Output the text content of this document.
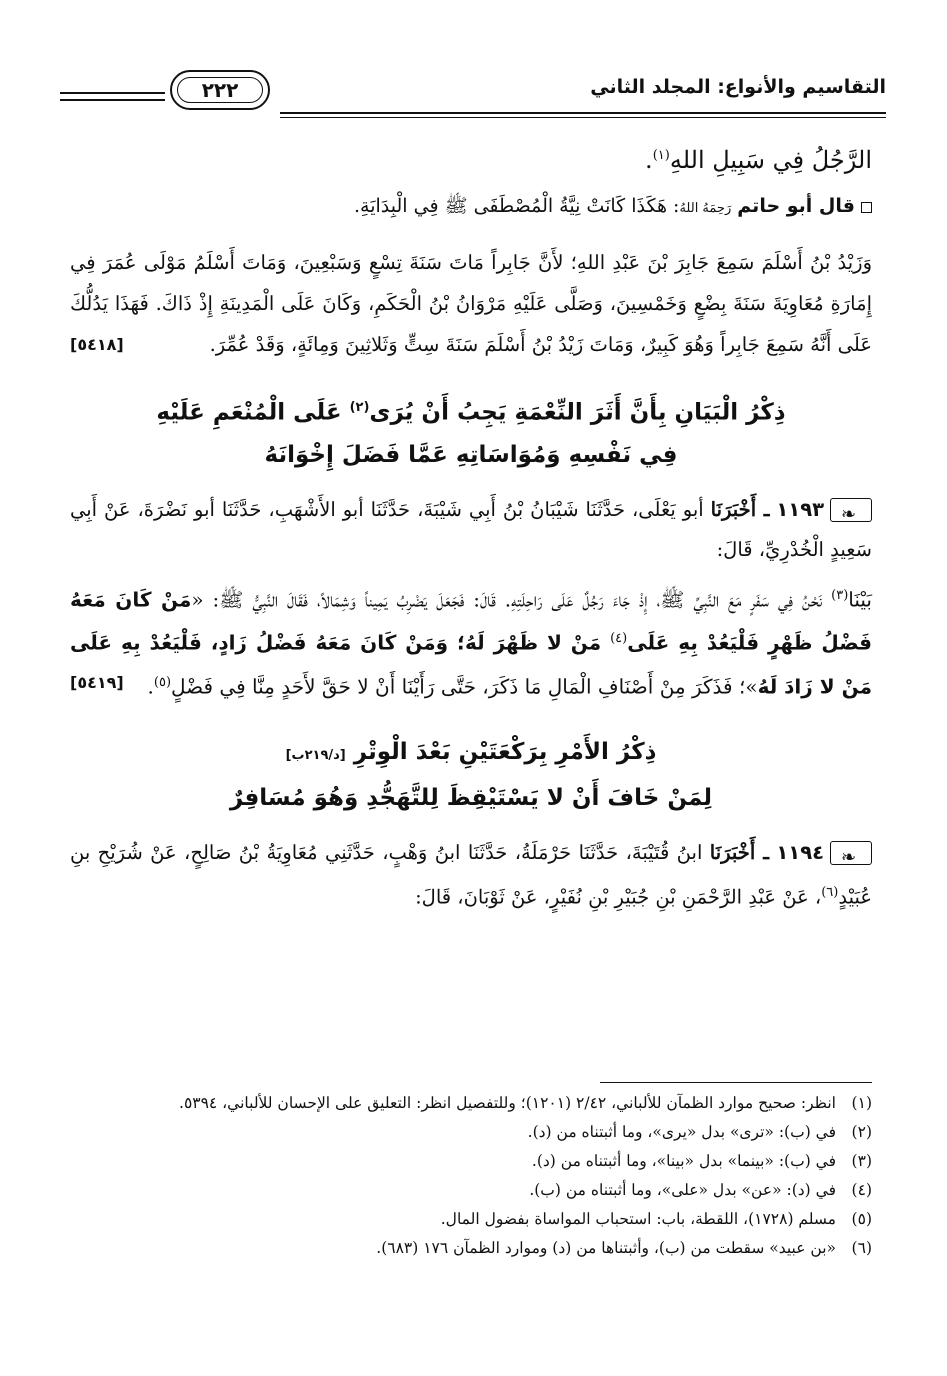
التقاسيم والأنواع: المجلد الثاني
٢٢٢

الرَّجُلُ فِي سَبِيلِ اللهِ$^{(١)}$.

قال أبو حاتم رَحِمَهُ اللهُ: هَكَذَا كَانَتْ نِيَّةُ الْمُصْطَفَى ﷺ فِي الْبِدَايَةِ.

وَزَيْدُ بْنُ أَسْلَمَ سَمِعَ جَابِرَ بْنَ عَبْدِ اللهِ؛ لأَنَّ جَابِراً مَاتَ سَنَةَ تِسْعٍ وَسَبْعِينَ، وَمَاتَ أَسْلَمُ مَوْلَى عُمَرَ فِي إِمَارَةِ مُعَاوِيَةَ سَنَةَ بِضْعٍ وَخَمْسِينَ، وَصَلَّى عَلَيْهِ مَرْوَانُ بْنُ الْحَكَمِ، وَكَانَ عَلَى الْمَدِينَةِ إِذْ ذَاكَ. فَهَذَا يَدُلُّكَ عَلَى أَنَّهُ سَمِعَ جَابِراً وَهُوَ كَبِيرٌ، وَمَاتَ زَيْدُ بْنُ أَسْلَمَ سَنَةَ سِتٍّ وَثَلاثِينَ وَمِائَةٍ، وَقَدْ عُمِّرَ.
[٥٤١٨]

ذِكْرُ الْبَيَانِ بِأَنَّ أَثَرَ النِّعْمَةِ يَجِبُ أَنْ يُرَى$^{(٢)}$ عَلَى الْمُنْعَمِ عَلَيْهِ
فِي نَفْسِهِ وَمُوَاسَاتِهِ عَمَّا فَضَلَ إِخْوَانَهُ

❧١١٩٣ ـ أَخْبَرَنَا أبو يَعْلَى، حَدَّثَنَا شَيْبَانُ بْنُ أَبِي شَيْبَةَ، حَدَّثَنَا أبو الأَشْهَبِ، حَدَّثَنَا أبو نَضْرَةَ، عَنْ أَبِي سَعِيدٍ الْخُدْرِيِّ، قَالَ:

بَيْنَا$^{(٣)}$ نَحْنُ فِي سَفَرٍ مَعَ النَّبِيِّ ﷺ، إِذْ جَاءَ رَجُلٌ عَلَى رَاحِلَتِهِ. قَالَ: فَجَعَلَ يَضْرِبُ يَمِيناً وَشِمَالاً، فَقَالَ النَّبِيُّ ﷺ: «مَنْ كَانَ مَعَهُ فَضْلُ ظَهْرٍ فَلْيَعُدْ بِهِ عَلَى$^{(٤)}$ مَنْ لا ظَهْرَ لَهُ؛ وَمَنْ كَانَ مَعَهُ فَضْلُ زَادٍ، فَلْيَعُدْ بِهِ عَلَى مَنْ لا زَادَ لَهُ»؛ فَذَكَرَ مِنْ أَصْنَافِ الْمَالِ مَا ذَكَرَ، حَتَّى رَأَيْنَا أَنْ لا حَقَّ لأَحَدٍ مِنَّا فِي فَضْلٍ$^{(٥)}$.
[٥٤١٩]

ذِكْرُ الأَمْرِ بِرَكْعَتَيْنِ بَعْدَ الْوِتْرِ [د/٢١٩ب]
لِمَنْ خَافَ أَنْ لا يَسْتَيْقِظَ لِلتَّهَجُّدِ وَهُوَ مُسَافِرٌ

❧١١٩٤ ـ أَخْبَرَنَا ابنُ قُتَيْبَةَ، حَدَّثَنَا حَرْمَلَةُ، حَدَّثَنَا ابنُ وَهْبٍ، حَدَّثَنِي مُعَاوِيَةُ بْنُ صَالِحٍ، عَنْ شُرَيْحِ بنِ عُبَيْدٍ$^{(٦)}$، عَنْ عَبْدِ الرَّحْمَنِ بْنِ جُبَيْرِ بْنِ نُفَيْرٍ، عَنْ ثَوْبَانَ، قَالَ:

(١)
انظر: صحيح موارد الظمآن للألباني، ٢/٤٢ (١٢٠١)؛ وللتفصيل انظر: التعليق على الإحسان للألباني، ٥٣٩٤.
(٢)
في (ب): «ترى» بدل «يرى»، وما أثبتناه من (د).
(٣)
في (ب): «بينما» بدل «بينا»، وما أثبتناه من (د).
(٤)
في (د): «عن» بدل «على»، وما أثبتناه من (ب).
(٥)
مسلم (١٧٢٨)، اللقطة، باب: استحباب المواساة بفضول المال.
(٦)
«بن عبيد» سقطت من (ب)، وأثبتناها من (د) وموارد الظمآن ١٧٦ (٦٨٣).
